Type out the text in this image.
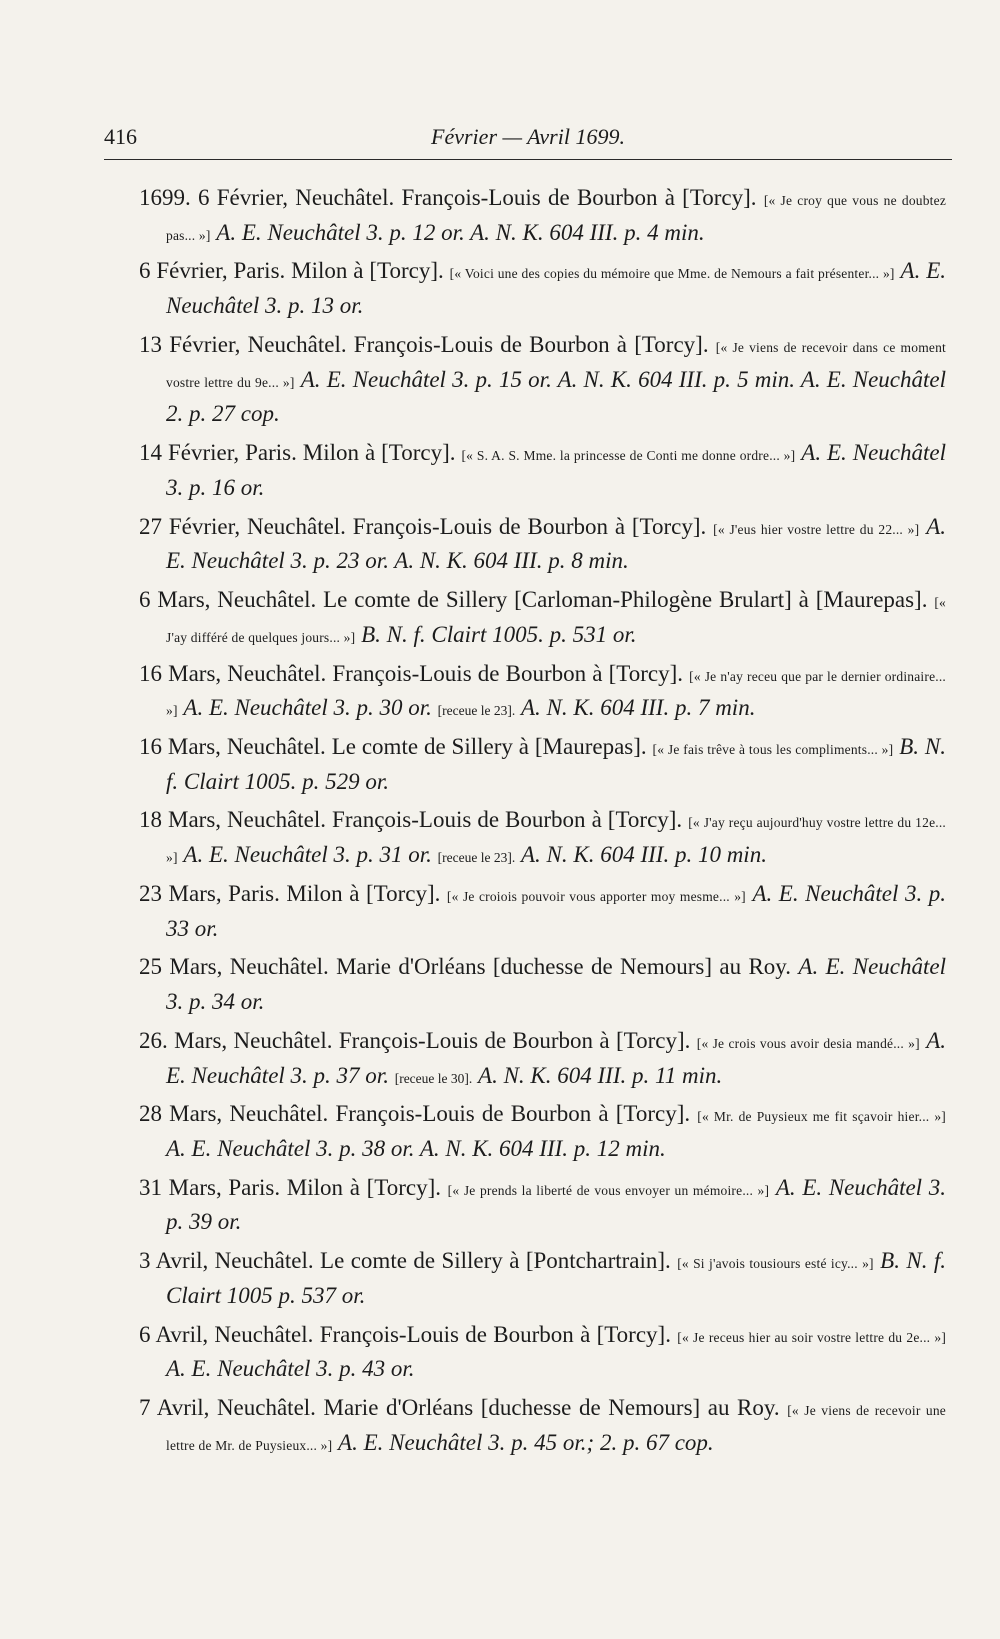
Février — Avril 1699.
416

1699. 6 Février, Neuchâtel. François-Louis de Bourbon à [Torcy]. [« Je croy que vous ne doubtez pas... »] A. E. Neuchâtel 3. p. 12 or. A. N. K. 604 III. p. 4 min.

6 Février, Paris. Milon à [Torcy]. [« Voici une des copies du mémoire que Mme. de Nemours a fait présenter... »] A. E. Neuchâtel 3. p. 13 or.

13 Février, Neuchâtel. François-Louis de Bourbon à [Torcy]. [« Je viens de recevoir dans ce moment vostre lettre du 9e... »] A. E. Neuchâtel 3. p. 15 or. A. N. K. 604 III. p. 5 min. A. E. Neuchâtel 2. p. 27 cop.

14 Février, Paris. Milon à [Torcy]. [« S. A. S. Mme. la princesse de Conti me donne ordre... »] A. E. Neuchâtel 3. p. 16 or.

27 Février, Neuchâtel. François-Louis de Bourbon à [Torcy]. [« J'eus hier vostre lettre du 22... »] A. E. Neuchâtel 3. p. 23 or. A. N. K. 604 III. p. 8 min.

6 Mars, Neuchâtel. Le comte de Sillery [Carloman-Philogène Brulart] à [Maurepas]. [« J'ay différé de quelques jours... »] B. N. f. Clairt 1005. p. 531 or.

16 Mars, Neuchâtel. François-Louis de Bourbon à [Torcy]. [« Je n'ay receu que par le dernier ordinaire... »] A. E. Neuchâtel 3. p. 30 or. [receue le 23]. A. N. K. 604 III. p. 7 min.

16 Mars, Neuchâtel. Le comte de Sillery à [Maurepas]. [« Je fais trêve à tous les compliments... »] B. N. f. Clairt 1005. p. 529 or.

18 Mars, Neuchâtel. François-Louis de Bourbon à [Torcy]. [« J'ay reçu aujourd'huy vostre lettre du 12e... »] A. E. Neuchâtel 3. p. 31 or. [receue le 23]. A. N. K. 604 III. p. 10 min.

23 Mars, Paris. Milon à [Torcy]. [« Je croiois pouvoir vous apporter moy mesme... »] A. E. Neuchâtel 3. p. 33 or.

25 Mars, Neuchâtel. Marie d'Orléans [duchesse de Nemours] au Roy. A. E. Neuchâtel 3. p. 34 or.

26. Mars, Neuchâtel. François-Louis de Bourbon à [Torcy]. [« Je crois vous avoir desia mandé... »] A. E. Neuchâtel 3. p. 37 or. [receue le 30]. A. N. K. 604 III. p. 11 min.

28 Mars, Neuchâtel. François-Louis de Bourbon à [Torcy]. [« Mr. de Puysieux me fit sçavoir hier... »] A. E. Neuchâtel 3. p. 38 or. A. N. K. 604 III. p. 12 min.

31 Mars, Paris. Milon à [Torcy]. [« Je prends la liberté de vous envoyer un mémoire... »] A. E. Neuchâtel 3. p. 39 or.

3 Avril, Neuchâtel. Le comte de Sillery à [Pontchartrain]. [« Si j'avois tousiours esté icy... »] B. N. f. Clairt 1005 p. 537 or.

6 Avril, Neuchâtel. François-Louis de Bourbon à [Torcy]. [« Je receus hier au soir vostre lettre du 2e... »] A. E. Neuchâtel 3. p. 43 or.

7 Avril, Neuchâtel. Marie d'Orléans [duchesse de Nemours] au Roy. [« Je viens de recevoir une lettre de Mr. de Puysieux... »] A. E. Neuchâtel 3. p. 45 or.; 2. p. 67 cop.
